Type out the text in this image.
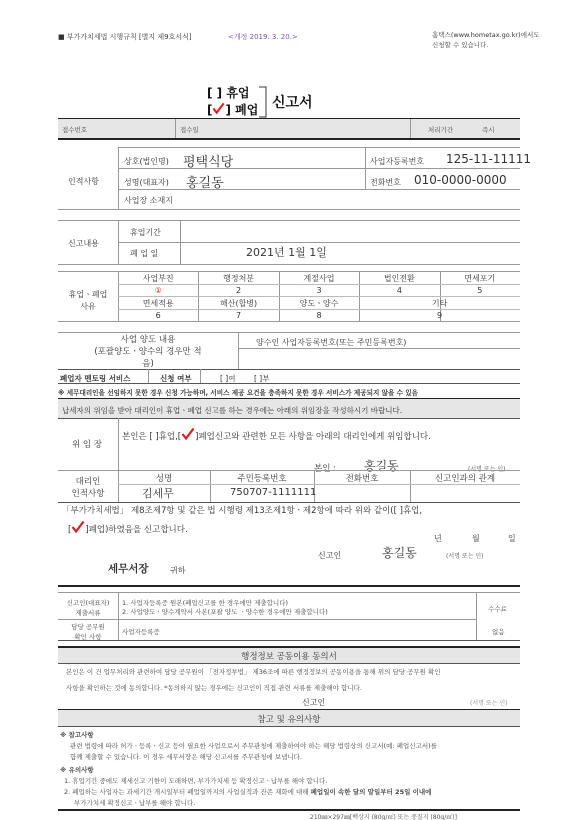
■ 부가가치세법 시행규칙 [별지 제9호서식]	<개정 2019. 3. 20.>	홈택스(www.hometax.go.kr)에서도
신청할 수 있습니다.
[ ] 휴업
[ ] 폐업 신고서
접수번호	접수일	처리기간	즉시
인적사항
상호(법인명) 평택식당	사업자등록번호 125-11-11111
성명(대표자) 홍길동	전화번호 010-0000-0000
사업장 소재지
신고내용
휴업기간
폐 업 일	2021년 1월 1일
휴업ㆍ폐업
사유
사업부진	행정처분	계절사업	법인전환	면세포기
①	2	3	4	5
면세적용	해산(합병)	양도ㆍ양수	기타
6	7	8	9
사업 양도 내용
(포괄양도ㆍ양수의 경우만 적
음)
양수인 사업자등록번호(또는 주민등록번호)
폐업자 멘토링 서비스	신청 여부	[ ]여 [ ]부
※ 세무대리인을 선임하지 못한 경우 신청 가능하며, 서비스 제공 요건을 충족하지 못한 경우 서비스가 제공되지 않을 수 있음
납세자의 위임을 받아 대리인이 휴업ㆍ폐업 신고를 하는 경우에는 아래의 위임장을 작성하시기 바랍니다.
위 임 장
본인은 [ ]휴업,[ ]폐업신고와 관련한 모든 사항을 아래의 대리인에게 위임합니다.
본인 : 홍길동	(서명 또는 인)
대리인
인적사항
성명	주민등록번호	전화번호	신고인과의 관계
김세무	750707-1111111
「부가가치세법」 제8조제7항 및 같은 법 시행령 제13조제1항ㆍ제2항에 따라 위와 같이([ ]휴업,
[ ]폐업)하였음을 신고합니다.
년	월	일
신고인	홍길동	(서명 또는 인)
세무서장	귀하
신고인(대표자)
제출서류
1. 사업자등록증 원본(폐업신고를 한 경우에만 제출합니다)
2. 사업양도ㆍ양수계약서 사본(포괄 양도 ㆍ양수한 경우에만 제출합니다)
담당 공무원
확인 사항
사업자등록증
수수료
없음
행정정보 공동이용 동의서
본인은 이 건 업무처리와 관련하여 담당 공무원이 「전자정부법」 제36조에 따른 행정정보의 공동이용을 통해 위의 담당 공무원 확인
사항을 확인하는 것에 동의합니다. *동의하지 않는 경우에는 신고인이 직접 관련 서류를 제출해야 합니다.
신고인	(서명 또는 인)
참고 및 유의사항
※ 참고사항
관련 법령에 따라 허가ㆍ등록ㆍ신고 등이 필요한 사업으로서 주무관청에 제출하여야 하는 해당 법령상의 신고서(예: 폐업신고서)를
함께 제출할 수 있습니다. 이 경우 세무서장은 해당 신고서를 주무관청에 보냅니다.
※ 유의사항
1. 휴업기간 중에도 제세신고 기한이 도래하면, 부가가치세 등 확정신고ㆍ납부를 해야 합니다.
2. 폐업하는 사업자는 과세기간 개시일부터 폐업일까지의 사업실적과 잔존 재화에 대해 폐업일이 속한 달의 말일부터 25일 이내에
부가가치세 확정신고ㆍ납부를 해야 합니다.
210㎜×297㎜[백상지 (80g/㎡) 또는 중질지 (80g/㎡)]
